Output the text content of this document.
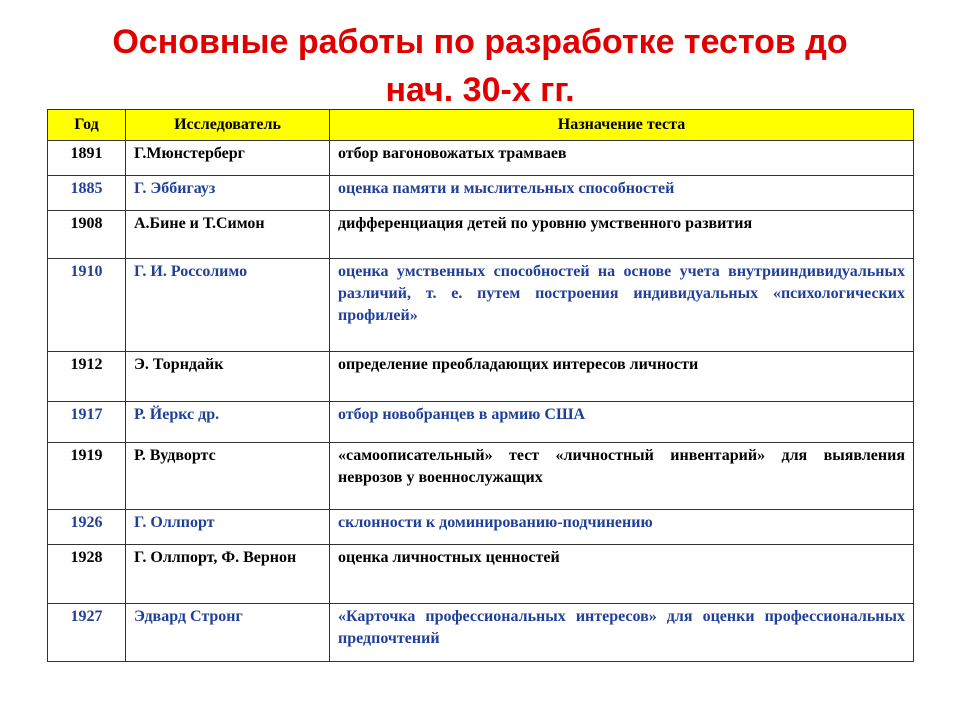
Основные работы по разработке тестов до
нач. 30-х гг.
Год	Исследователь	Назначение теста
1891	Г.Мюнстерберг	отбор вагоновожатых трамваев
1885	Г. Эббигауз	оценка памяти и мыслительных способностей
1908	А.Бине и Т.Симон	дифференциация детей по уровню умственного развития
1910	Г. И. Россолимо	оценка умственных способностей на основе учета внутрииндивидуальных различий, т. е. путем построения индивидуальных «психологических профилей»
1912	Э. Торндайк	определение преобладающих интересов личности
1917	Р. Йеркс др.	отбор новобранцев в армию США
1919	Р. Вудвортс	«самоописательный» тест «личностный инвентарий» для выявления неврозов у военнослужащих
1926	Г. Оллпорт	склонности к доминированию-подчинению
1928	Г. Оллпорт, Ф. Вернон	оценка личностных ценностей
1927	Эдвард Стронг	«Карточка профессиональных интересов» для оценки профессиональных предпочтений
